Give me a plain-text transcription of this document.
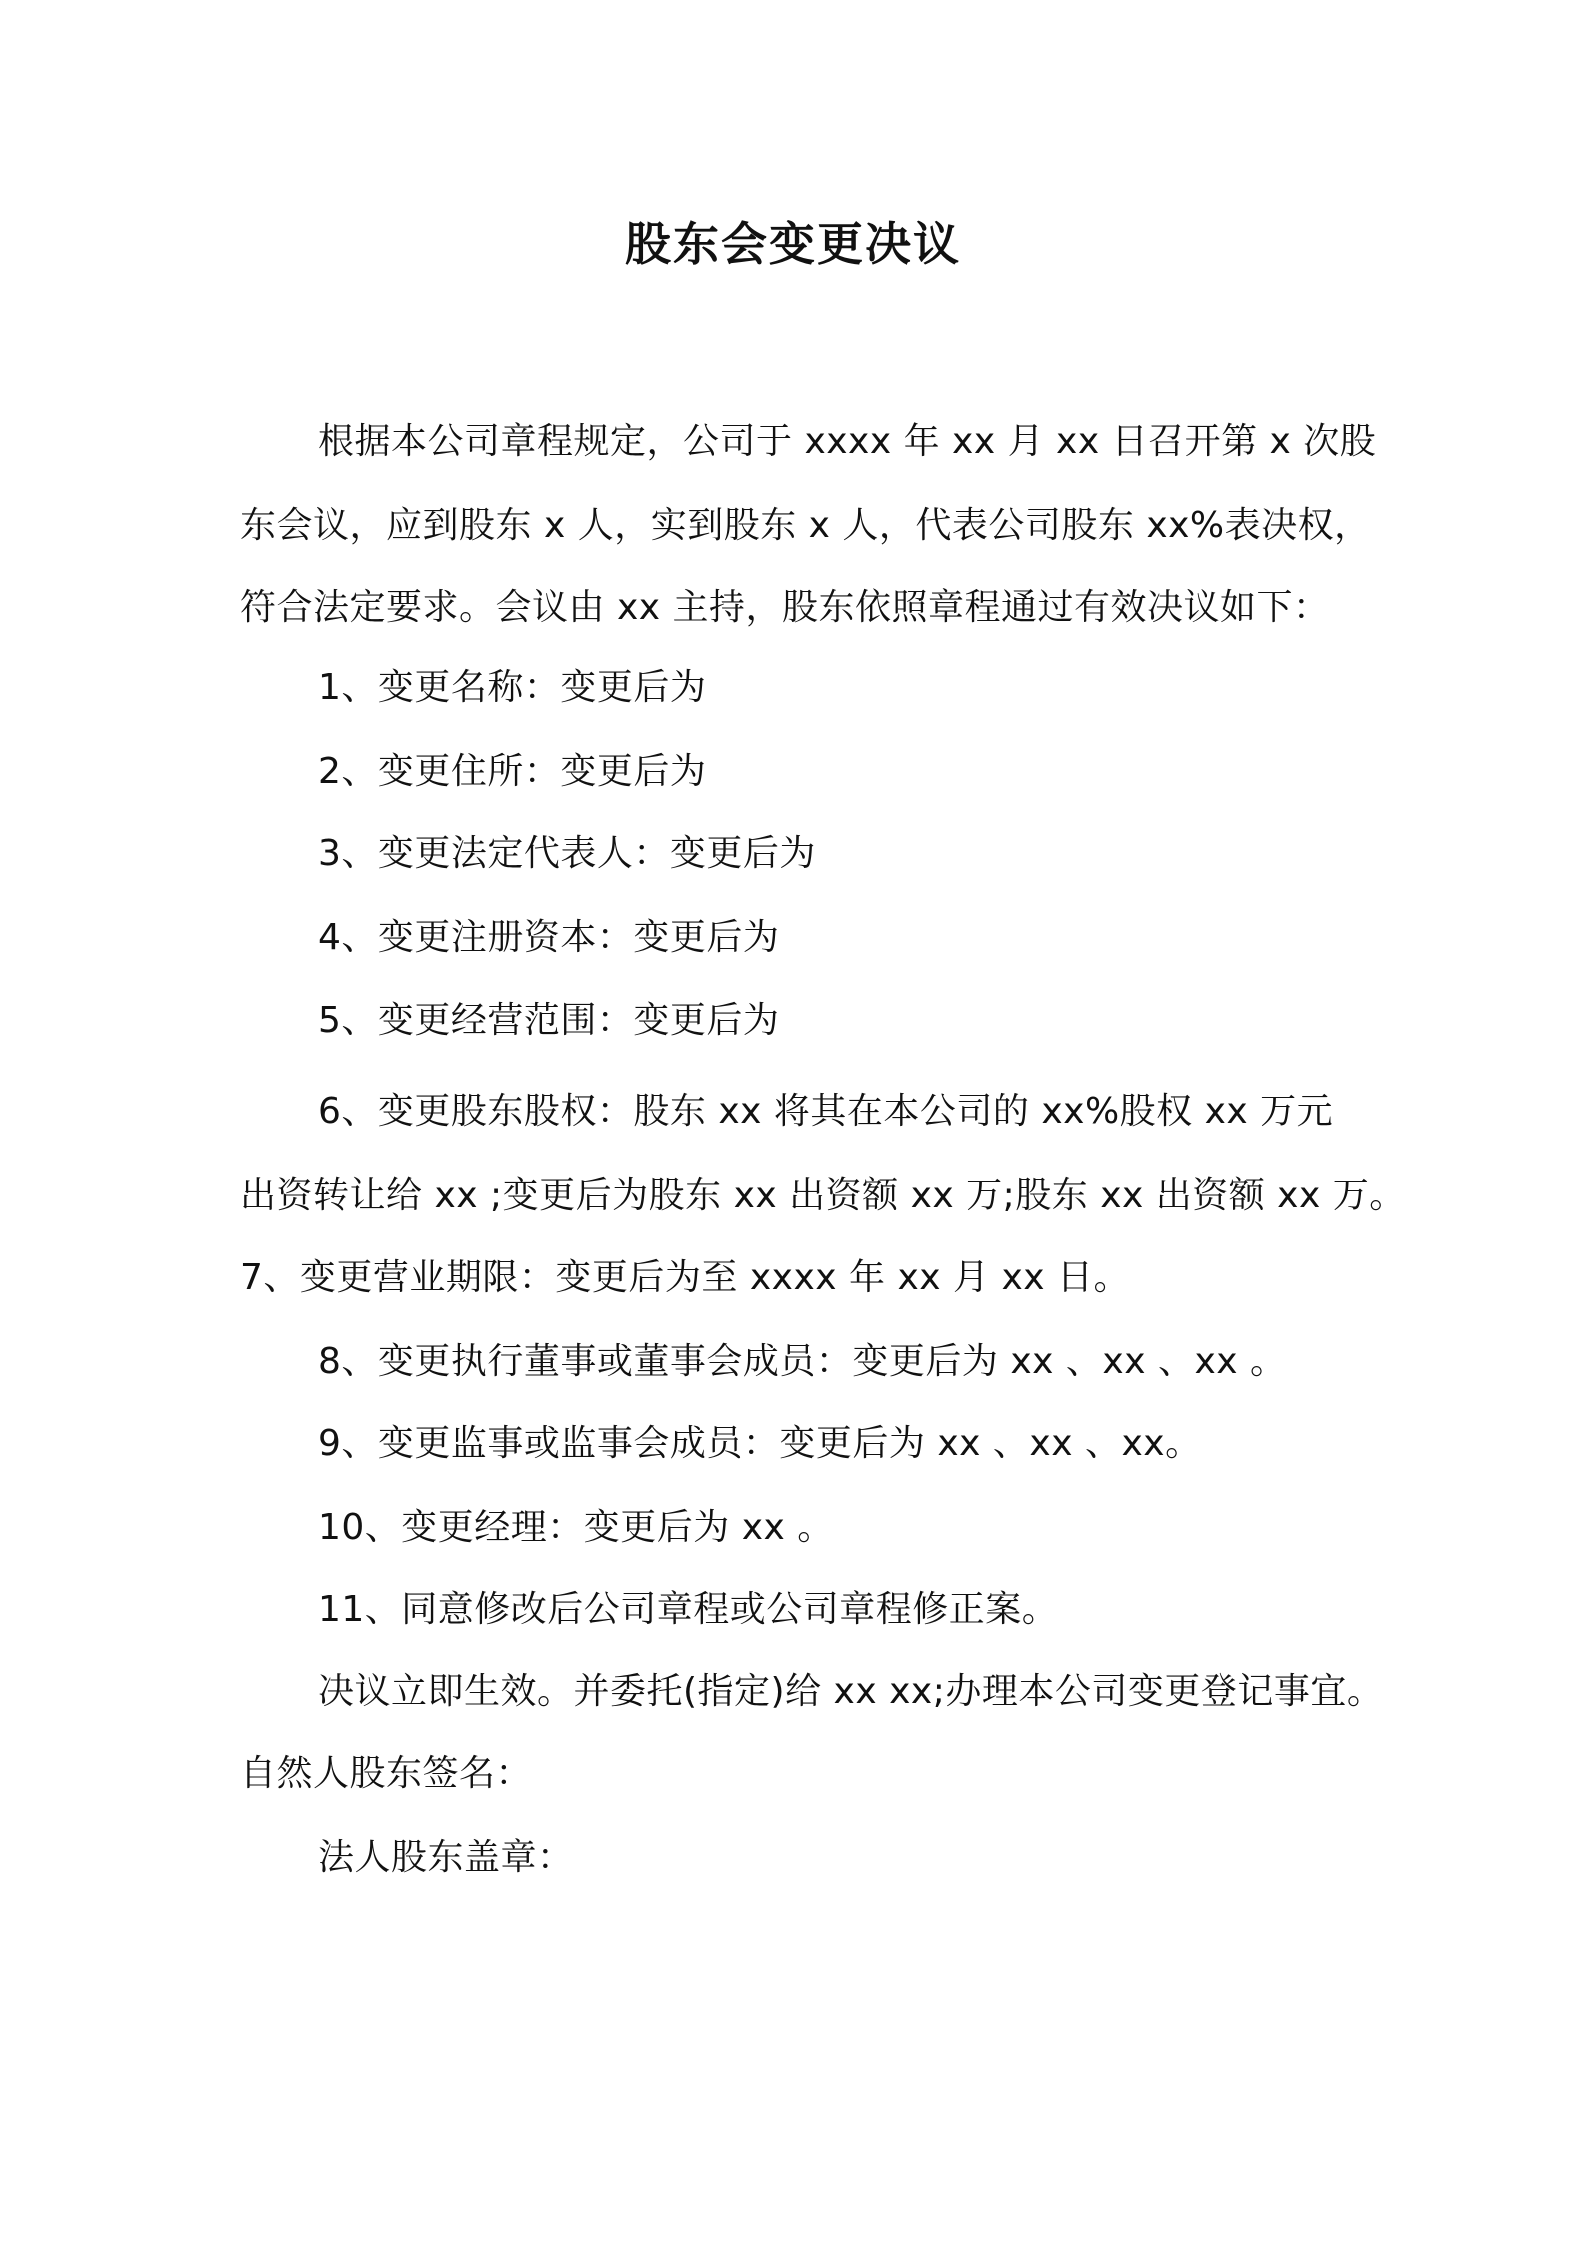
股东会变更决议
根据本公司章程规定，公司于 xxxx 年 xx 月 xx 日召开第 x 次股
东会议，应到股东 x 人，实到股东 x 人，代表公司股东 xx%表决权，
符合法定要求。会议由 xx 主持，股东依照章程通过有效决议如下：
1、变更名称：变更后为
2、变更住所：变更后为
3、变更法定代表人：变更后为
4、变更注册资本：变更后为
5、变更经营范围：变更后为
6、变更股东股权：股东 xx 将其在本公司的 xx%股权 xx 万元
出资转让给 xx ;变更后为股东 xx 出资额 xx 万;股东 xx 出资额 xx 万。
7、变更营业期限：变更后为至 xxxx 年 xx 月 xx 日。
8、变更执行董事或董事会成员：变更后为 xx 、xx 、xx 。
9、变更监事或监事会成员：变更后为 xx 、xx 、xx。
10、变更经理：变更后为 xx 。
11、同意修改后公司章程或公司章程修正案。
决议立即生效。并委托(指定)给 xx xx;办理本公司变更登记事宜。
自然人股东签名：
法人股东盖章：
